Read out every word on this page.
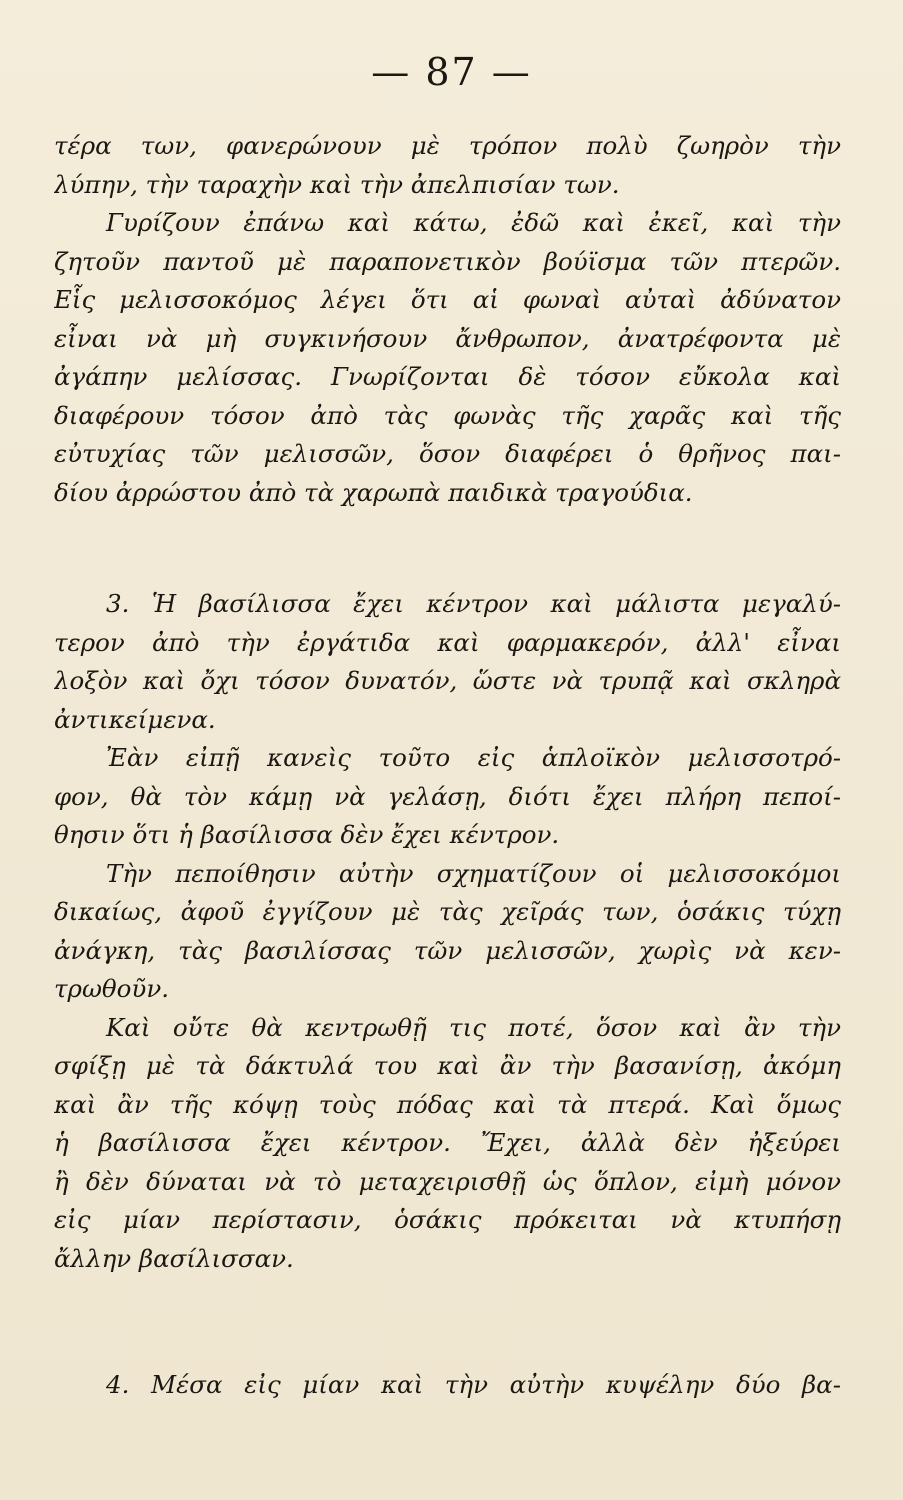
— 87 —
τέρα των, φανερώνουν μὲ τρόπον πολὺ ζωηρὸν τὴν
λύπην, τὴν ταραχὴν καὶ τὴν ἀπελπισίαν των.
Γυρίζουν ἐπάνω καὶ κάτω, ἐδῶ καὶ ἐκεῖ, καὶ τὴν
ζητοῦν παντοῦ μὲ παραπονετικὸν βούϊσμα τῶν πτερῶν.
Εἷς μελισσοκόμος λέγει ὅτι αἱ φωναὶ αὐταὶ ἀδύνατον
εἶναι νὰ μὴ συγκινήσουν ἄνθρωπον, ἀνατρέφοντα μὲ
ἀγάπην μελίσσας. Γνωρίζονται δὲ τόσον εὔκολα καὶ
διαφέρουν τόσον ἀπὸ τὰς φωνὰς τῆς χαρᾶς καὶ τῆς
εὐτυχίας τῶν μελισσῶν, ὅσον διαφέρει ὁ θρῆνος παι-
δίου ἀρρώστου ἀπὸ τὰ χαρωπὰ παιδικὰ τραγούδια.
3. Ἡ βασίλισσα ἔχει κέντρον καὶ μάλιστα μεγαλύ-
τερον ἀπὸ τὴν ἐργάτιδα καὶ φαρμακερόν, ἀλλ' εἶναι
λοξὸν καὶ ὄχι τόσον δυνατόν, ὥστε νὰ τρυπᾷ καὶ σκληρὰ
ἀντικείμενα.
Ἐὰν εἰπῇ κανεὶς τοῦτο εἰς ἁπλοϊκὸν μελισσοτρό-
φον, θὰ τὸν κάμῃ νὰ γελάσῃ, διότι ἔχει πλήρη πεποί-
θησιν ὅτι ἡ βασίλισσα δὲν ἔχει κέντρον.
Τὴν πεποίθησιν αὐτὴν σχηματίζουν οἱ μελισσοκόμοι
δικαίως, ἀφοῦ ἐγγίζουν μὲ τὰς χεῖράς των, ὁσάκις τύχῃ
ἀνάγκη, τὰς βασιλίσσας τῶν μελισσῶν, χωρὶς νὰ κεν-
τρωθοῦν.
Καὶ οὔτε θὰ κεντρωθῇ τις ποτέ, ὅσον καὶ ἂν τὴν
σφίξῃ μὲ τὰ δάκτυλά του καὶ ἂν τὴν βασανίσῃ, ἀκόμη
καὶ ἂν τῆς κόψῃ τοὺς πόδας καὶ τὰ πτερά. Καὶ ὅμως
ἡ βασίλισσα ἔχει κέντρον. Ἔχει, ἀλλὰ δὲν ἠξεύρει
ἢ δὲν δύναται νὰ τὸ μεταχειρισθῇ ὡς ὅπλον, εἰμὴ μόνον
εἰς μίαν περίστασιν, ὁσάκις πρόκειται νὰ κτυπήσῃ
ἄλλην βασίλισσαν.
4. Μέσα εἰς μίαν καὶ τὴν αὐτὴν κυψέλην δύο βα-
